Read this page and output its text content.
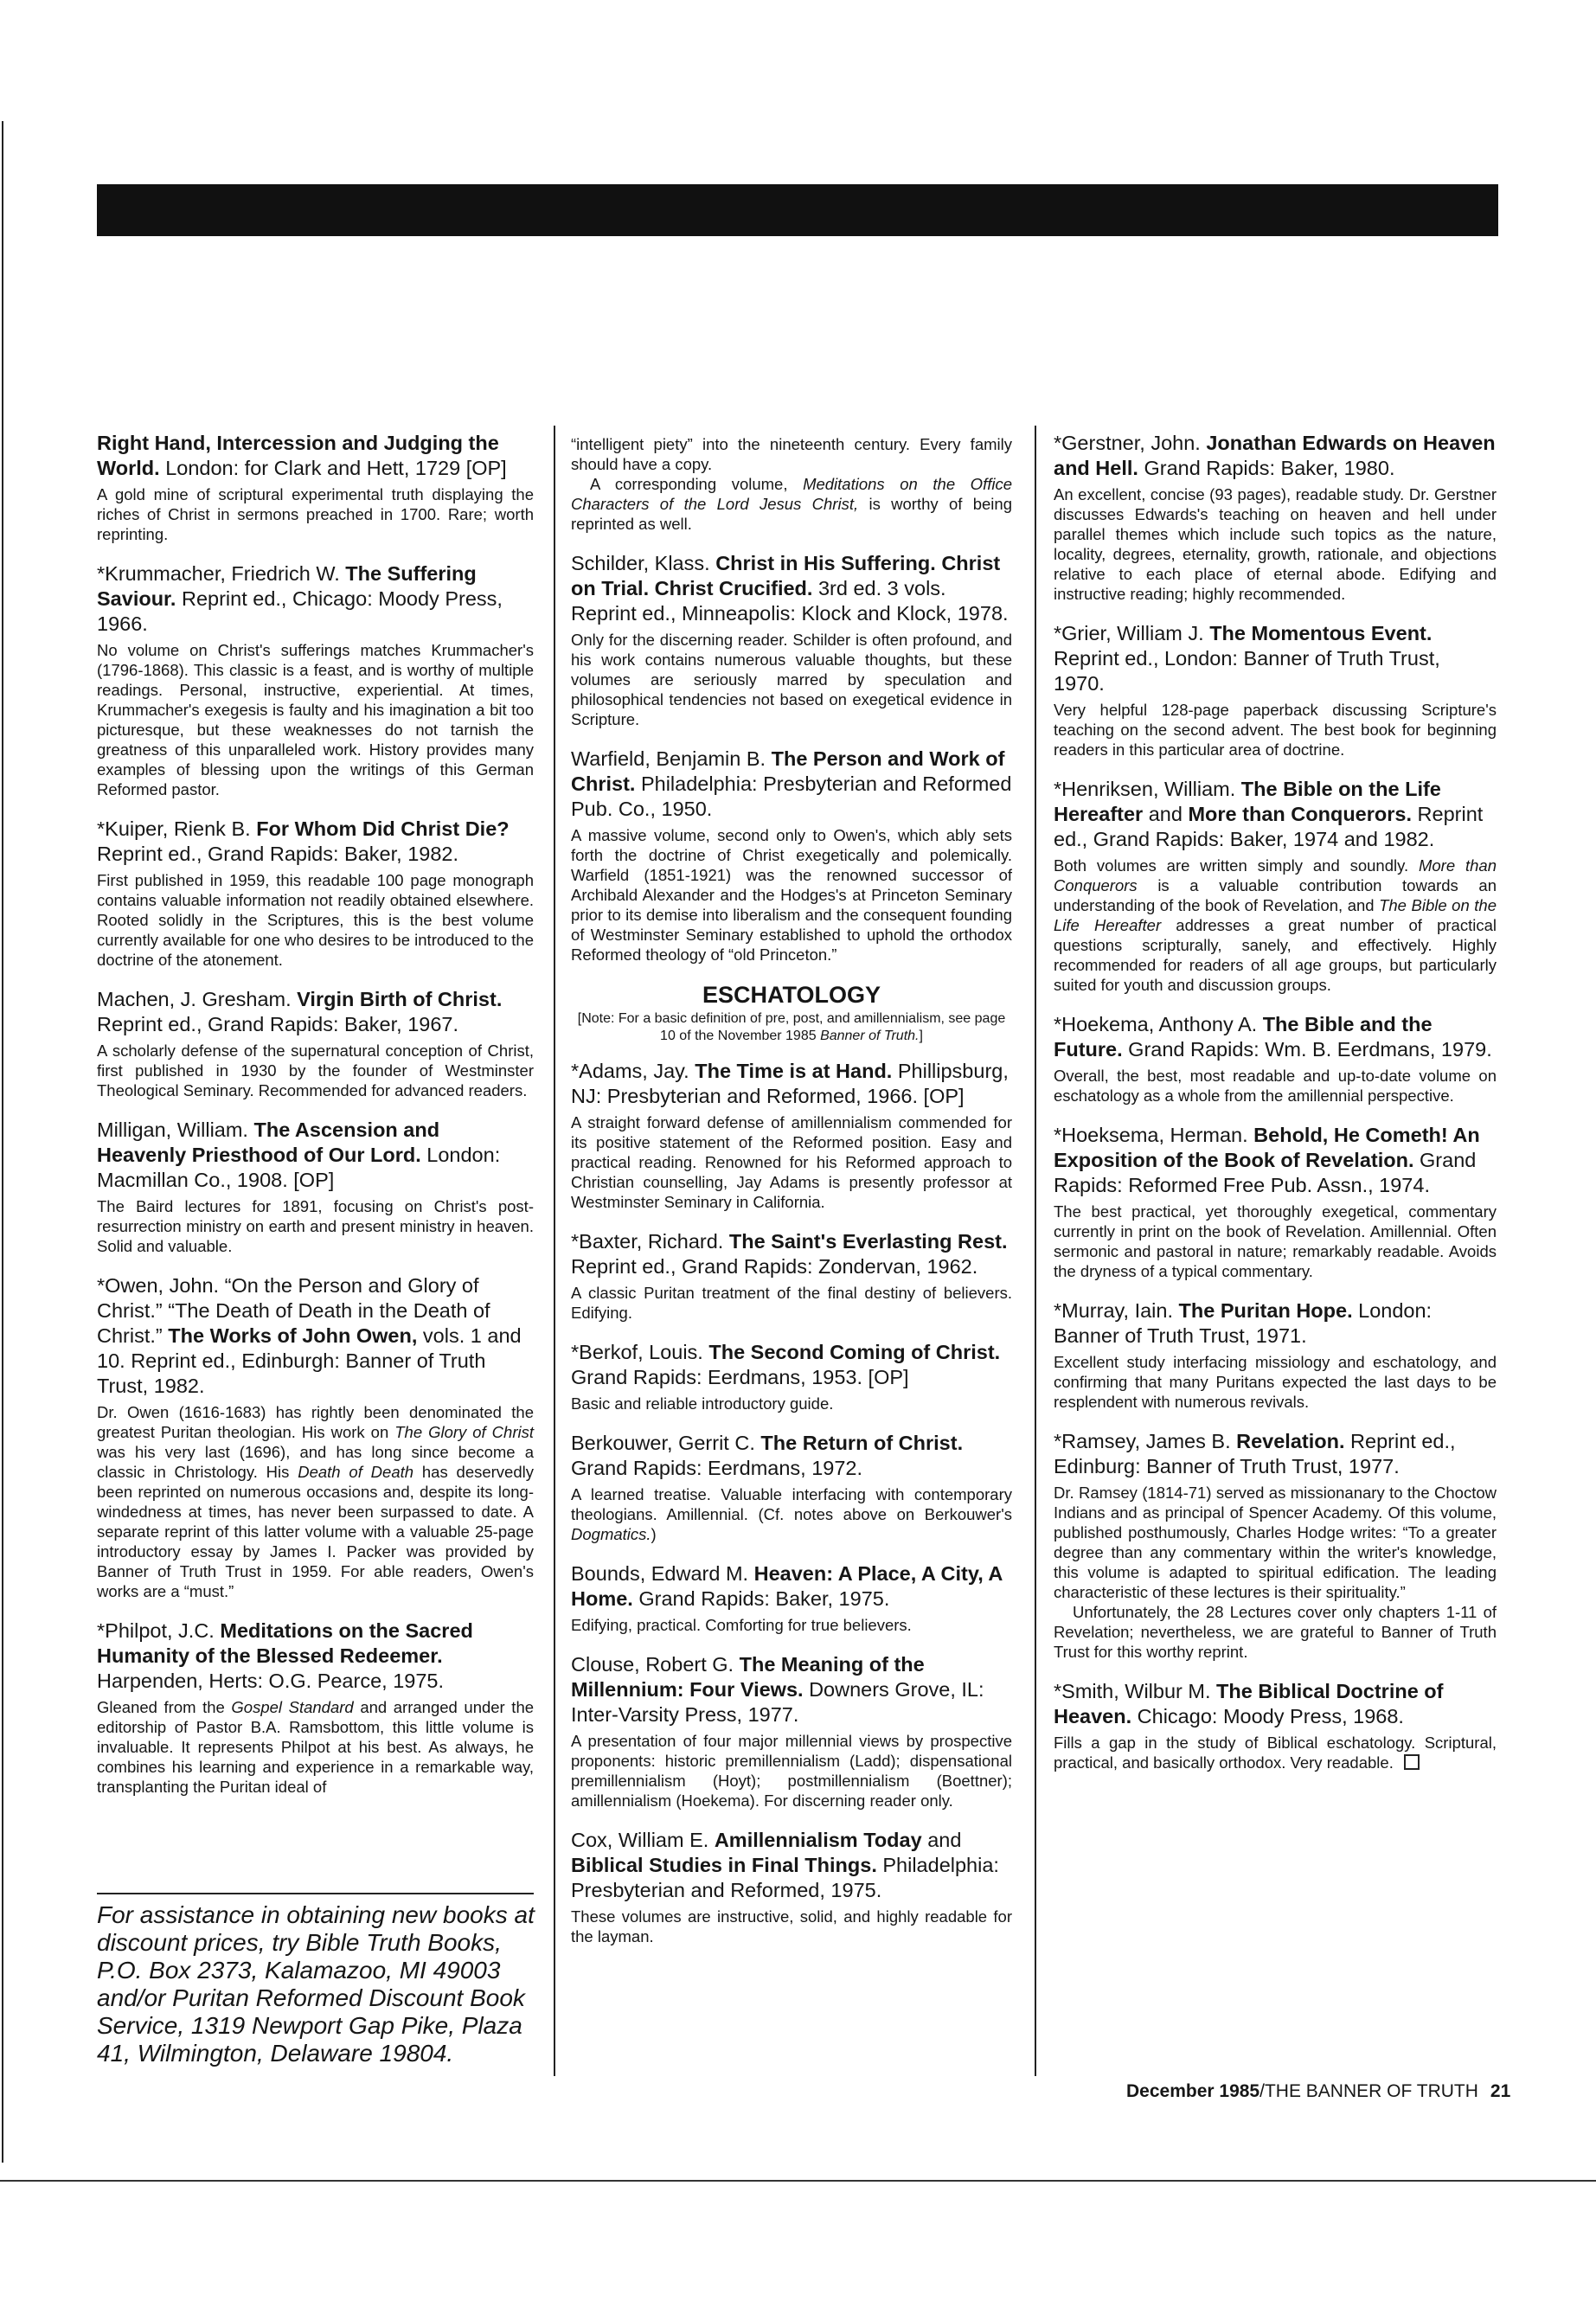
Right Hand, Intercession and Judging the World. London: for Clark and Hett, 1729 [OP]
A gold mine of scriptural experimental truth displaying the riches of Christ in sermons preached in 1700. Rare; worth reprinting.
*Krummacher, Friedrich W. The Suffering Saviour. Reprint ed., Chicago: Moody Press, 1966.
No volume on Christ's sufferings matches Krummacher's (1796-1868). This classic is a feast, and is worthy of multiple readings. Personal, instructive, experiential. At times, Krummacher's exegesis is faulty and his imagination a bit too picturesque, but these weaknesses do not tarnish the greatness of this unparalleled work. History provides many examples of blessing upon the writings of this German Reformed pastor.
*Kuiper, Rienk B. For Whom Did Christ Die? Reprint ed., Grand Rapids: Baker, 1982.
First published in 1959, this readable 100 page monograph contains valuable information not readily obtained elsewhere. Rooted solidly in the Scriptures, this is the best volume currently available for one who desires to be introduced to the doctrine of the atonement.
Machen, J. Gresham. Virgin Birth of Christ. Reprint ed., Grand Rapids: Baker, 1967.
A scholarly defense of the supernatural conception of Christ, first published in 1930 by the founder of Westminster Theological Seminary. Recommended for advanced readers.
Milligan, William. The Ascension and Heavenly Priesthood of Our Lord. London: Macmillan Co., 1908. [OP]
The Baird lectures for 1891, focusing on Christ's post-resurrection ministry on earth and present ministry in heaven. Solid and valuable.
*Owen, John. “On the Person and Glory of Christ.” “The Death of Death in the Death of Christ.” The Works of John Owen, vols. 1 and 10. Reprint ed., Edinburgh: Banner of Truth Trust, 1982.
Dr. Owen (1616-1683) has rightly been denominated the greatest Puritan theologian. His work on The Glory of Christ was his very last (1696), and has long since become a classic in Christology. His Death of Death has deservedly been reprinted on numerous occasions and, despite its long-windedness at times, has never been surpassed to date. A separate reprint of this latter volume with a valuable 25-page introductory essay by James I. Packer was provided by Banner of Truth Trust in 1959. For able readers, Owen's works are a “must.”
*Philpot, J.C. Meditations on the Sacred Humanity of the Blessed Redeemer. Harpenden, Herts: O.G. Pearce, 1975.
Gleaned from the Gospel Standard and arranged under the editorship of Pastor B.A. Ramsbottom, this little volume is invaluable. It represents Philpot at his best. As always, he combines his learning and experience in a remarkable way, transplanting the Puritan ideal of
For assistance in obtaining new books at discount prices, try Bible Truth Books, P.O. Box 2373, Kalamazoo, MI 49003 and/or Puritan Reformed Discount Book Service, 1319 Newport Gap Pike, Plaza 41, Wilmington, Delaware 19804.
“intelligent piety” into the nineteenth century. Every family should have a copy.
A corresponding volume, Meditations on the Office Characters of the Lord Jesus Christ, is worthy of being reprinted as well.
Schilder, Klass. Christ in His Suffering. Christ on Trial. Christ Crucified. 3rd ed. 3 vols. Reprint ed., Minneapolis: Klock and Klock, 1978.
Only for the discerning reader. Schilder is often profound, and his work contains numerous valuable thoughts, but these volumes are seriously marred by speculation and philosophical tendencies not based on exegetical evidence in Scripture.
Warfield, Benjamin B. The Person and Work of Christ. Philadelphia: Presbyterian and Reformed Pub. Co., 1950.
A massive volume, second only to Owen's, which ably sets forth the doctrine of Christ exegetically and polemically. Warfield (1851-1921) was the renowned successor of Archibald Alexander and the Hodges's at Princeton Seminary prior to its demise into liberalism and the consequent founding of Westminster Seminary established to uphold the orthodox Reformed theology of “old Princeton.”
ESCHATOLOGY
[Note: For a basic definition of pre, post, and amillennialism, see page 10 of the November 1985 Banner of Truth.]
*Adams, Jay. The Time is at Hand. Phillipsburg, NJ: Presbyterian and Reformed, 1966. [OP]
A straight forward defense of amillennialism commended for its positive statement of the Reformed position. Easy and practical reading. Renowned for his Reformed approach to Christian counselling, Jay Adams is presently professor at Westminster Seminary in California.
*Baxter, Richard. The Saint's Everlasting Rest. Reprint ed., Grand Rapids: Zondervan, 1962.
A classic Puritan treatment of the final destiny of believers. Edifying.
*Berkof, Louis. The Second Coming of Christ. Grand Rapids: Eerdmans, 1953. [OP]
Basic and reliable introductory guide.
Berkouwer, Gerrit C. The Return of Christ. Grand Rapids: Eerdmans, 1972.
A learned treatise. Valuable interfacing with contemporary theologians. Amillennial. (Cf. notes above on Berkouwer's Dogmatics.)
Bounds, Edward M. Heaven: A Place, A City, A Home. Grand Rapids: Baker, 1975.
Edifying, practical. Comforting for true believers.
Clouse, Robert G. The Meaning of the Millennium: Four Views. Downers Grove, IL: Inter-Varsity Press, 1977.
A presentation of four major millennial views by prospective proponents: historic premillennialism (Ladd); dispensational premillennialism (Hoyt); postmillennialism (Boettner); amillennialism (Hoekema). For discerning reader only.
Cox, William E. Amillennialism Today and Biblical Studies in Final Things. Philadelphia: Presbyterian and Reformed, 1975.
These volumes are instructive, solid, and highly readable for the layman.
*Gerstner, John. Jonathan Edwards on Heaven and Hell. Grand Rapids: Baker, 1980.
An excellent, concise (93 pages), readable study. Dr. Gerstner discusses Edwards's teaching on heaven and hell under parallel themes which include such topics as the nature, locality, degrees, eternality, growth, rationale, and objections relative to each place of eternal abode. Edifying and instructive reading; highly recommended.
*Grier, William J. The Momentous Event. Reprint ed., London: Banner of Truth Trust, 1970.
Very helpful 128-page paperback discussing Scripture's teaching on the second advent. The best book for beginning readers in this particular area of doctrine.
*Henriksen, William. The Bible on the Life Hereafter and More than Conquerors. Reprint ed., Grand Rapids: Baker, 1974 and 1982.
Both volumes are written simply and soundly. More than Conquerors is a valuable contribution towards an understanding of the book of Revelation, and The Bible on the Life Hereafter addresses a great number of practical questions scripturally, sanely, and effectively. Highly recommended for readers of all age groups, but particularly suited for youth and discussion groups.
*Hoekema, Anthony A. The Bible and the Future. Grand Rapids: Wm. B. Eerdmans, 1979.
Overall, the best, most readable and up-to-date volume on eschatology as a whole from the amillennial perspective.
*Hoeksema, Herman. Behold, He Cometh! An Exposition of the Book of Revelation. Grand Rapids: Reformed Free Pub. Assn., 1974.
The best practical, yet thoroughly exegetical, commentary currently in print on the book of Revelation. Amillennial. Often sermonic and pastoral in nature; remarkably readable. Avoids the dryness of a typical commentary.
*Murray, Iain. The Puritan Hope. London: Banner of Truth Trust, 1971.
Excellent study interfacing missiology and eschatology, and confirming that many Puritans expected the last days to be resplendent with numerous revivals.
*Ramsey, James B. Revelation. Reprint ed., Edinburg: Banner of Truth Trust, 1977.
Dr. Ramsey (1814-71) served as missionanary to the Choctow Indians and as principal of Spencer Academy. Of this volume, published posthumously, Charles Hodge writes: “To a greater degree than any commentary within the writer's knowledge, this volume is adapted to spiritual edification. The leading characteristic of these lectures is their spirituality.”
Unfortunately, the 28 Lectures cover only chapters 1-11 of Revelation; nevertheless, we are grateful to Banner of Truth Trust for this worthy reprint.
*Smith, Wilbur M. The Biblical Doctrine of Heaven. Chicago: Moody Press, 1968.
Fills a gap in the study of Biblical eschatology. Scriptural, practical, and basically orthodox. Very readable.
December 1985/THE BANNER OF TRUTH 21
